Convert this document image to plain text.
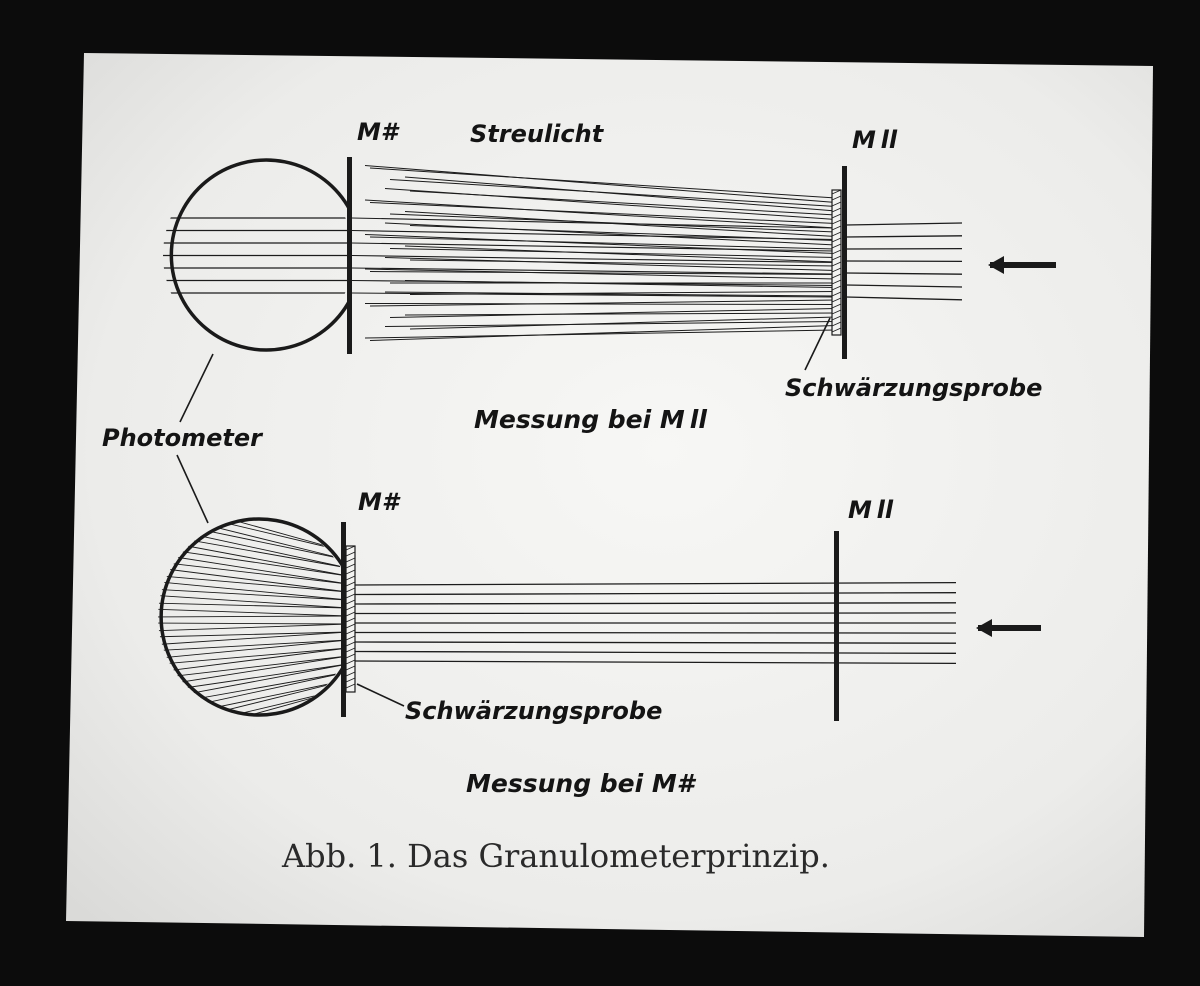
M#	Streulicht	M ll
Schwärzungsprobe
Messung bei M ll
Photometer
M#	M ll
Schwärzungsprobe
Messung bei M#
Abb. 1. Das Granulometerprinzip.
